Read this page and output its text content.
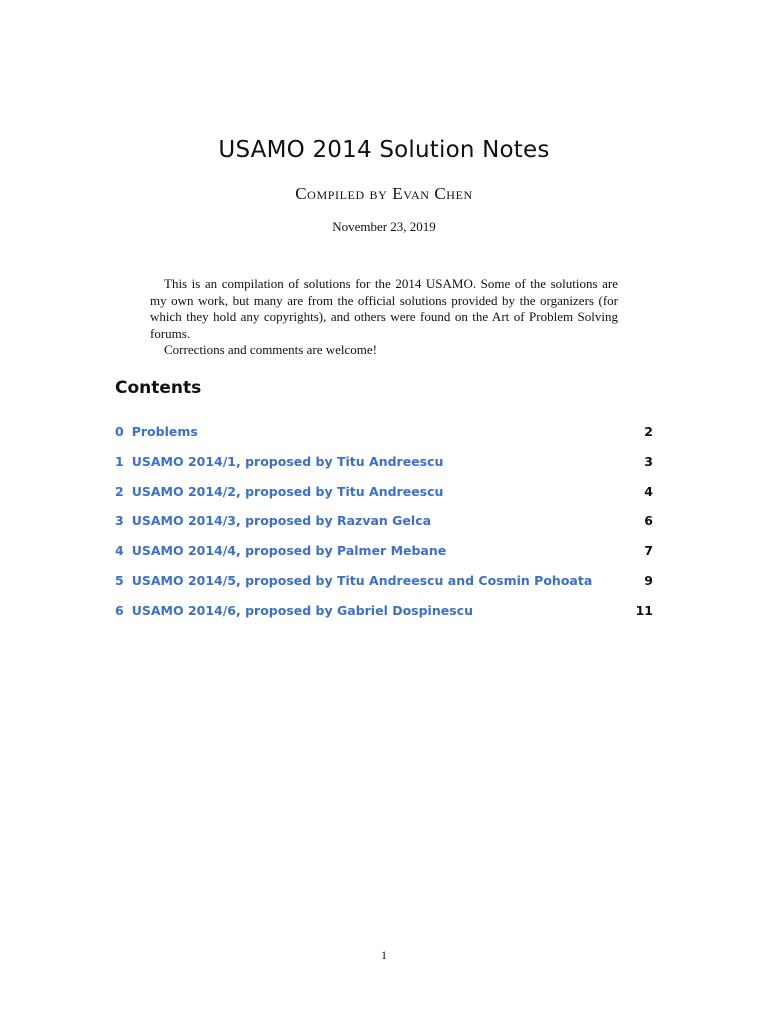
USAMO 2014 Solution Notes
Compiled by Evan Chen
November 23, 2019

This is an compilation of solutions for the 2014 USAMO. Some of the solutions are my own work, but many are from the official solutions provided by the organizers (for which they hold any copyrights), and others were found on the Art of Problem Solving forums.

Corrections and comments are welcome!

Contents
0 Problems	2
1 USAMO 2014/1, proposed by Titu Andreescu	3
2 USAMO 2014/2, proposed by Titu Andreescu	4
3 USAMO 2014/3, proposed by Razvan Gelca	6
4 USAMO 2014/4, proposed by Palmer Mebane	7
5 USAMO 2014/5, proposed by Titu Andreescu and Cosmin Pohoata	9
6 USAMO 2014/6, proposed by Gabriel Dospinescu	11
1
